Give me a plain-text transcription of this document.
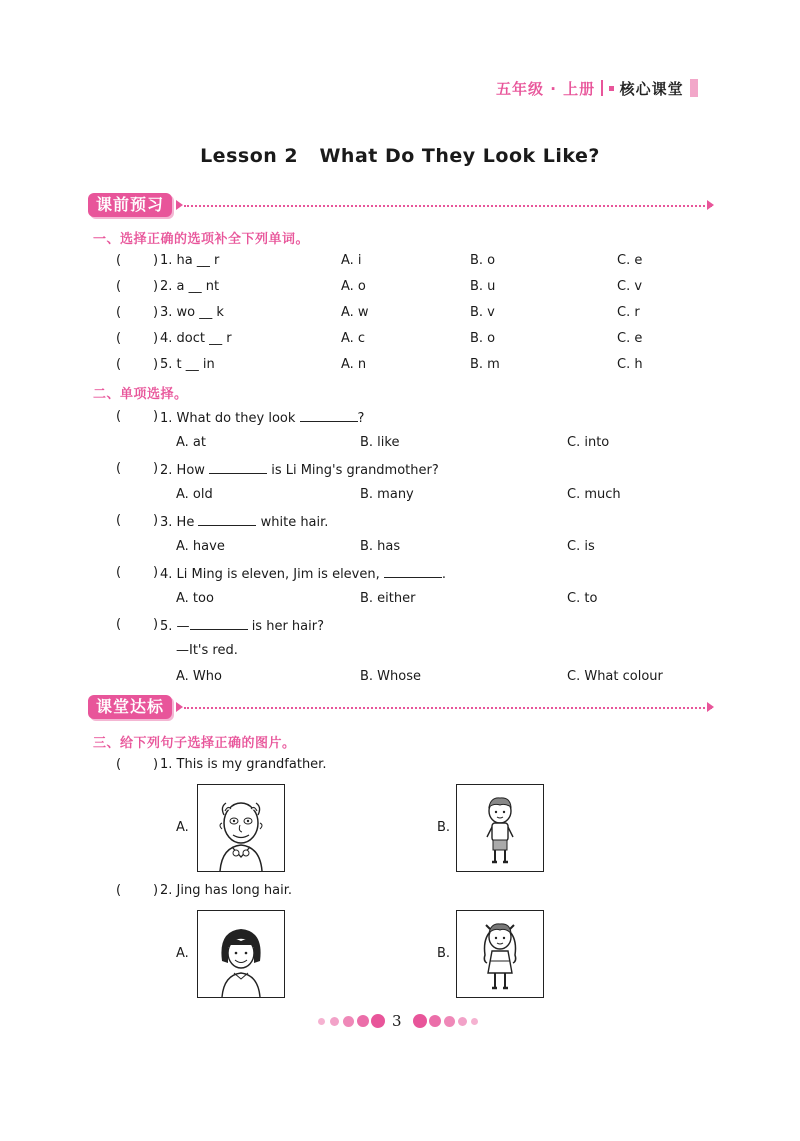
五年级 · 上册 核心课堂
Lesson 2 What Do They Look Like?
课前预习
一、选择正确的选项补全下列单词。
( ) 1. ha __ r	A. i	B. o	C. e
( ) 2. a __ nt	A. o	B. u	C. v
( ) 3. wo __ k	A. w	B. v	C. r
( ) 4. doct __ r	A. c	B. o	C. e
( ) 5. t __ in	A. n	B. m	C. h
二、单项选择。
( ) 1. What do they look	?
A. at	B. like	C. into
( ) 2. How	is Li Ming's grandmother?
A. old	B. many	C. much
( ) 3. He	white hair.
A. have	B. has	C. is
( ) 4. Li Ming is eleven, Jim is eleven,	.
A. too	B. either	C. to
( ) 5. —	is her hair?
—It's red.
A. Who	B. Whose	C. What colour
课堂达标
三、给下列句子选择正确的图片。
( ) 1. This is my grandfather.
A.	B.
( ) 2. Jing has long hair.
A.	B.
3
